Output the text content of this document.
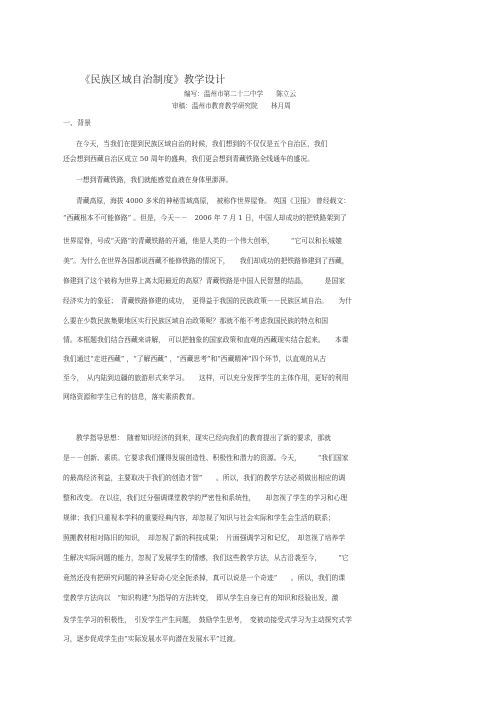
《民族区域自治制度》教学设计
编写：温州市第二十二中学　　陈立云
审稿：温州市教育教学研究院　　林月周
一、背景
在今天，当我们在提到民族区域自治的时候，我们想到的不仅仅是五个自治区，我们
还会想到西藏自治区成立 50 周年的盛典，我们更会想到青藏铁路全线通车的盛况。
一想到青藏铁路，我们就能感觉血液在身体里澎湃。
青藏高原，海拔 4000 多米的神秘雪域高原，　被称作世界屋脊。 英国《卫报》 曾经载文：
“西藏根本不可能修路” 。但是，今天－－　2006 年 7 月 1 日，中国人却成功的把铁路架到了
世界屋脊，号成“天路”的青藏铁路的开通，他是人类的一个伟大创举，　　　“它可以和长城媲
美”。为什么在世界各国都说西藏不能修铁路的情况下，　　我们却成功的把铁路修建到了西藏，
修建到了这个被称为世界上离太阳最近的高原？青藏铁路是中国人民智慧的结晶，　　　是国家
经济实力的象征；　青藏铁路修建的成功，　更得益于我国的民族政策－－民族区域自治。　　为什
么要在少数民族集聚地区实行民族区域自治政策呢？那就不能不考虑我国民族的特点和国
情。本框题我们结合西藏来讲解，　可以把抽象的国家政策和直观的西藏现实结合起来。　　本课
我们通过“走进西藏” ，“了解西藏” ，“西藏思考”和“西藏精神”四个环节，以直观的从古
至今，　从内陆到边疆的旅游形式来学习。　　这样，可以充分发挥学生的主体作用，更好的利用
网络资源和学生已有的信息，落实素质教育。
教学指导思想：　随着知识经济的到来，现实已经向我们的教育提出了新的要求，那就
是－－创新、素质。它要求我们懂得发展创造性、积极性和潜力的资源。今天，　　　“我们国家
的最高经济利益，主要取决于我们的创造才智”　　。所以，我们的教学方法必须做出相应的调
整和改变。 在以往，我们过分强调课堂教学的严密性和系统性，　　却忽视了学生的学习和心理
规律；我们只重视本学科的重要经典内容，却忽视了知识与社会实际和学生会生活的联系；
照搬教材相对陈旧的知识，　却忽视了新的科技成果；　片面强调学习和记忆，　却忽视了培养学
生解决实际问题的能力，忽视了发展学生的情感，我们这些教学方法，从古沿袭至今，　　　“它
竟然还没有把研究问题的神圣好奇心完全扼杀掉，真可以说是一个奇迹”　　。所以，我们的课
堂教学方法向以　“知识构建”为指导的方法转变，　即从学生自身已有的知识和经验出发，激
发学生学习的积极性，　引发学生产生问题，　鼓励学生思考，　变被动接受式学习为主动探究式学
习，逐步促成学生由“实际发展水平向潜在发展水平”过渡。
